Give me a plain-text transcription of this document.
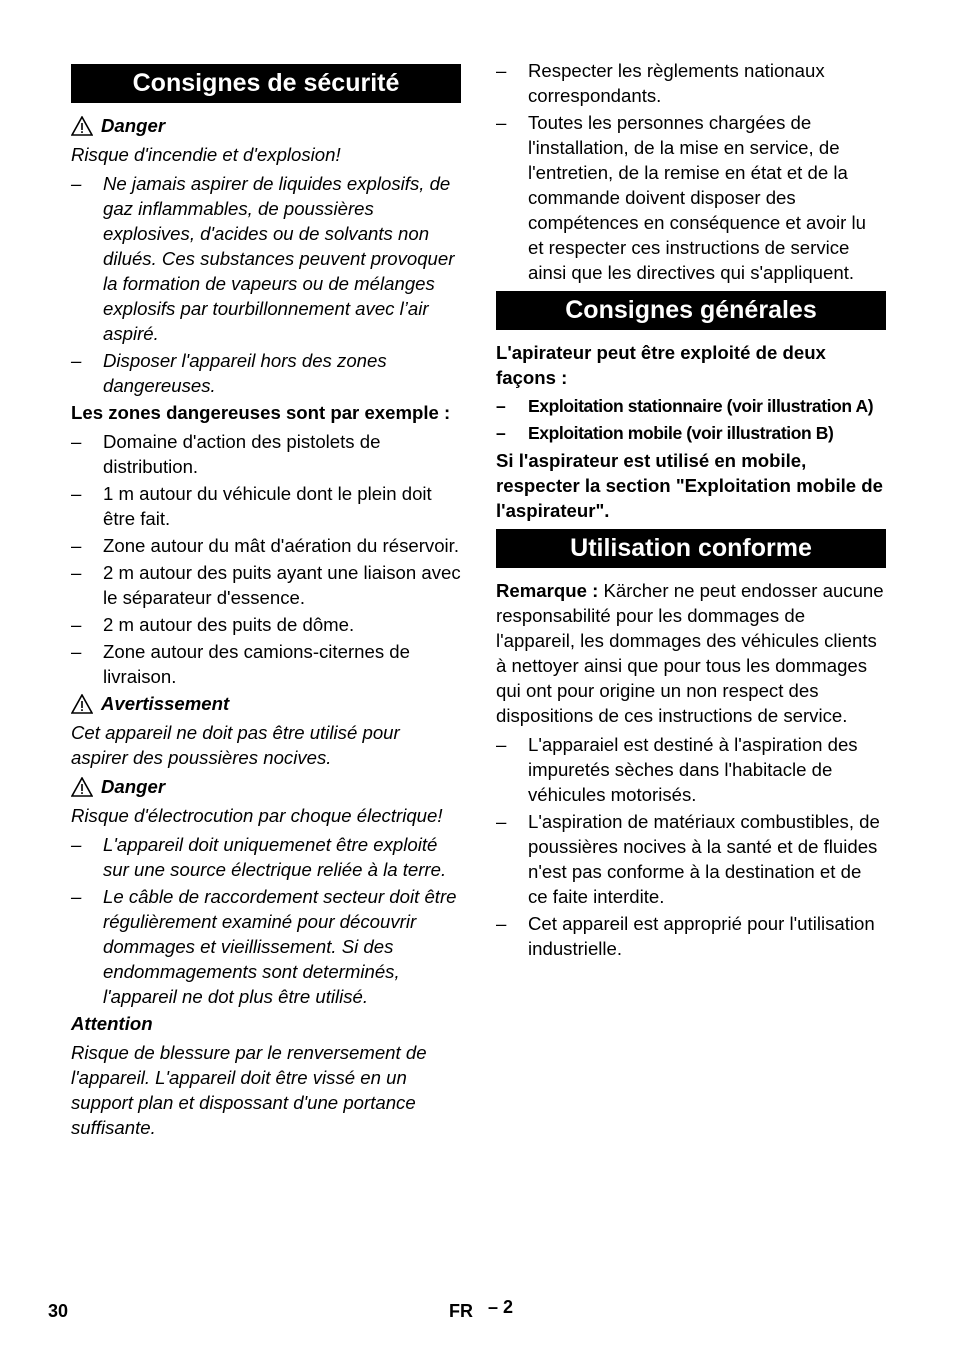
Consignes de sécurité
Danger

Risque d'incendie et d'explosion!

– Ne jamais aspirer de liquides explosifs, de gaz inflammables, de poussières explosives, d'acides ou de solvants non dilués. Ces substances peuvent provoquer la formation de vapeurs ou de mélanges explosifs par tourbillonnement avec l’air aspiré.
– Disposer l'appareil hors des zones dangereuses.

Les zones dangereuses sont par exemple :

– Domaine d'action des pistolets de distribution.
– 1 m autour du véhicule dont le plein doit être fait.
– Zone autour du mât d'aération du réservoir.
– 2 m autour des puits ayant une liaison avec le séparateur d'essence.
– 2 m autour des puits de dôme.
– Zone autour des camions-citernes de livraison.
Avertissement

Cet appareil ne doit pas être utilisé pour aspirer des poussières nocives.

Danger

Risque d'électrocution par choque électrique!

– L'appareil doit uniquemenet être exploité sur une source électrique reliée à la terre.
– Le câble de raccordement secteur doit être régulièrement examiné pour découvrir dommages et vieillissement. Si des endommagements sont determinés, l'appareil ne dot plus être utilisé.

Attention

Risque de blessure par le renversement de l'appareil. L'appareil doit être vissé en un support plan et dispossant d'une portance suffisante.

– Respecter les règlements nationaux correspondants.
– Toutes les personnes chargées de l'installation, de la mise en service, de l'entretien, de la remise en état et de la commande doivent disposer des compétences en conséquence et avoir lu et respecter ces instructions de service ainsi que les directives qui s'appliquent.
Consignes générales

L'apirateur peut être exploité de deux façons :

– Exploitation stationnaire (voir illustration A)
– Exploitation mobile (voir illustration B)

Si l'aspirateur est utilisé en mobile, respecter la section "Exploitation mobile de l'aspirateur".

Utilisation conforme

Remarque : Kärcher ne peut endosser aucune responsabilité pour les dommages de l'appareil, les dommages des véhicules clients à nettoyer ainsi que pour tous les dommages qui ont pour origine un non respect des dispositions de ces instructions de service.

– L'apparaiel est destiné à l'aspiration des impuretés sèches dans l'habitacle de véhicules motorisés.
– L'aspiration de matériaux combustibles, de poussières nocives à la santé et de fluides n'est pas conforme à la destination et de ce faite interdite.
– Cet appareil est approprié pour l'utilisation industrielle.
30	FR – 2
